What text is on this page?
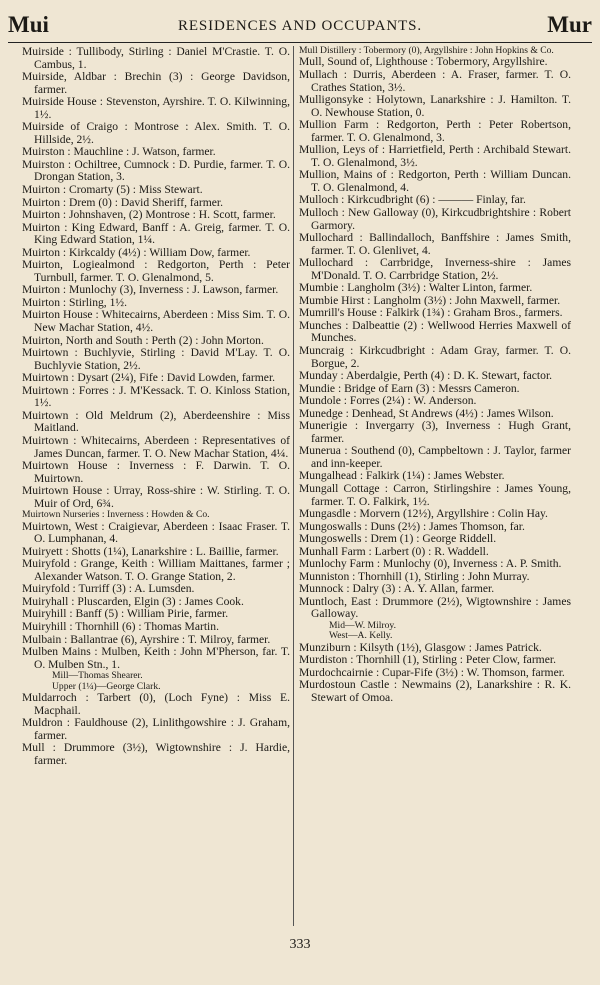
Mui	RESIDENCES AND OCCUPANTS.	Mur
Muirside : Tullibody, Stirling : Daniel M'Crastie. T. O. Cambus, 1.
Muirside, Aldbar : Brechin (3) : George Davidson, farmer.
Muirside House : Stevenston, Ayrshire. T. O. Kilwinning, 1½.
Muirside of Craigo : Montrose : Alex. Smith. T. O. Hillside, 2½.
Muirston : Mauchline : J. Watson, farmer.
Muirston : Ochiltree, Cumnock : D. Purdie, farmer. T. O. Drongan Station, 3.
Muirton : Cromarty (5) : Miss Stewart.
Muirton : Drem (0) : David Sheriff, farmer.
Muirton : Johnshaven, (2) Montrose : H. Scott, farmer.
Muirton : King Edward, Banff : A. Greig, farmer. T. O. King Edward Station, 1¼.
Muirton : Kirkcaldy (4½) : William Dow, farmer.
Muirton, Logiealmond : Redgorton, Perth : Peter Turnbull, farmer. T. O. Glenalmond, 5.
Muirton : Munlochy (3), Inverness : J. Lawson, farmer.
Muirton : Stirling, 1½.
Muirton House : Whitecairns, Aberdeen : Miss Sim. T. O. New Machar Station, 4½.
Muirton, North and South : Perth (2) : John Morton.
Muirtown : Buchlyvie, Stirling : David M'Lay. T. O. Buchlyvie Station, 2½.
Muirtown : Dysart (2¼), Fife : David Lowden, farmer.
Muirtown : Forres : J. M'Kessack. T. O. Kinloss Station, 1½.
Muirtown : Old Meldrum (2), Aberdeenshire : Miss Maitland.
Muirtown : Whitecairns, Aberdeen : Representatives of James Duncan, farmer. T. O. New Machar Station, 4¼.
Muirtown House : Inverness : F. Darwin. T. O. Muirtown.
Muirtown House : Urray, Ross-shire : W. Stirling. T. O. Muir of Ord, 6¾.
Muirtown Nurseries : Inverness : Howden & Co.
Muirtown, West : Craigievar, Aberdeen : Isaac Fraser. T. O. Lumphanan, 4.
Muiryett : Shotts (1¼), Lanarkshire : L. Baillie, farmer.
Muiryfold : Grange, Keith : William Maittanes, farmer ; Alexander Watson. T. O. Grange Station, 2.
Muiryfold : Turriff (3) : A. Lumsden.
Muiryhall : Pluscarden, Elgin (3) : James Cook.
Muiryhill : Banff (5) : William Pirie, farmer.
Muiryhill : Thornhill (6) : Thomas Martin.
Mulbain : Ballantrae (6), Ayrshire : T. Milroy, farmer.
Mulben Mains : Mulben, Keith : John M'Pherson, far. T. O. Mulben Stn., 1.
Mill—Thomas Shearer.
Upper (1¼)—George Clark.
Muldarroch : Tarbert (0), (Loch Fyne) : Miss E. Macphail.
Muldron : Fauldhouse (2), Linlithgowshire : J. Graham, farmer.
Mull : Drummore (3½), Wigtownshire : J. Hardie, farmer.
Mull Distillery : Tobermory (0), Argyllshire : John Hopkins & Co.
Mull, Sound of, Lighthouse : Tobermory, Argyllshire.
Mullach : Durris, Aberdeen : A. Fraser, farmer. T. O. Crathes Station, 3½.
Mulligonsyke : Holytown, Lanarkshire : J. Hamilton. T. O. Newhouse Station, 0.
Mullion Farm : Redgorton, Perth : Peter Robertson, farmer. T. O. Glenalmond, 3.
Mullion, Leys of : Harrietfield, Perth : Archibald Stewart. T. O. Glenalmond, 3½.
Mullion, Mains of : Redgorton, Perth : William Duncan. T. O. Glenalmond, 4.
Mulloch : Kirkcudbright (6) : ——— Finlay, far.
Mulloch : New Galloway (0), Kirkcudbrightshire : Robert Garmory.
Mullochard : Ballindalloch, Banffshire : James Smith, farmer. T. O. Glenlivet, 4.
Mullochard : Carrbridge, Inverness-shire : James M'Donald. T. O. Carrbridge Station, 2½.
Mumbie : Langholm (3½) : Walter Linton, farmer.
Mumbie Hirst : Langholm (3½) : John Maxwell, farmer.
Mumrill's House : Falkirk (1¾) : Graham Bros., farmers.
Munches : Dalbeattie (2) : Wellwood Herries Maxwell of Munches.
Muncraig : Kirkcudbright : Adam Gray, farmer. T. O. Borgue, 2.
Munday : Aberdalgie, Perth (4) : D. K. Stewart, factor.
Mundie : Bridge of Earn (3) : Messrs Cameron.
Mundole : Forres (2¼) : W. Anderson.
Munedge : Denhead, St Andrews (4½) : James Wilson.
Munerigie : Invergarry (3), Inverness : Hugh Grant, farmer.
Munerua : Southend (0), Campbeltown : J. Taylor, farmer and inn-keeper.
Mungalhead : Falkirk (1¼) : James Webster.
Mungall Cottage : Carron, Stirlingshire : James Young, farmer. T. O. Falkirk, 1½.
Mungasdle : Morvern (12½), Argyllshire : Colin Hay.
Mungoswalls : Duns (2½) : James Thomson, far.
Mungoswells : Drem (1) : George Riddell.
Munhall Farm : Larbert (0) : R. Waddell.
Munlochy Farm : Munlochy (0), Inverness : A. P. Smith.
Munniston : Thornhill (1), Stirling : John Murray.
Munnock : Dalry (3) : A. Y. Allan, farmer.
Muntloch, East : Drummore (2½), Wigtownshire : James Galloway.
Mid—W. Milroy.
West—A. Kelly.
Munziburn : Kilsyth (1½), Glasgow : James Patrick.
Murdiston : Thornhill (1), Stirling : Peter Clow, farmer.
Murdochcairnie : Cupar-Fife (3½) : W. Thomson, farmer.
Murdostoun Castle : Newmains (2), Lanarkshire : R. K. Stewart of Omoa.
333
